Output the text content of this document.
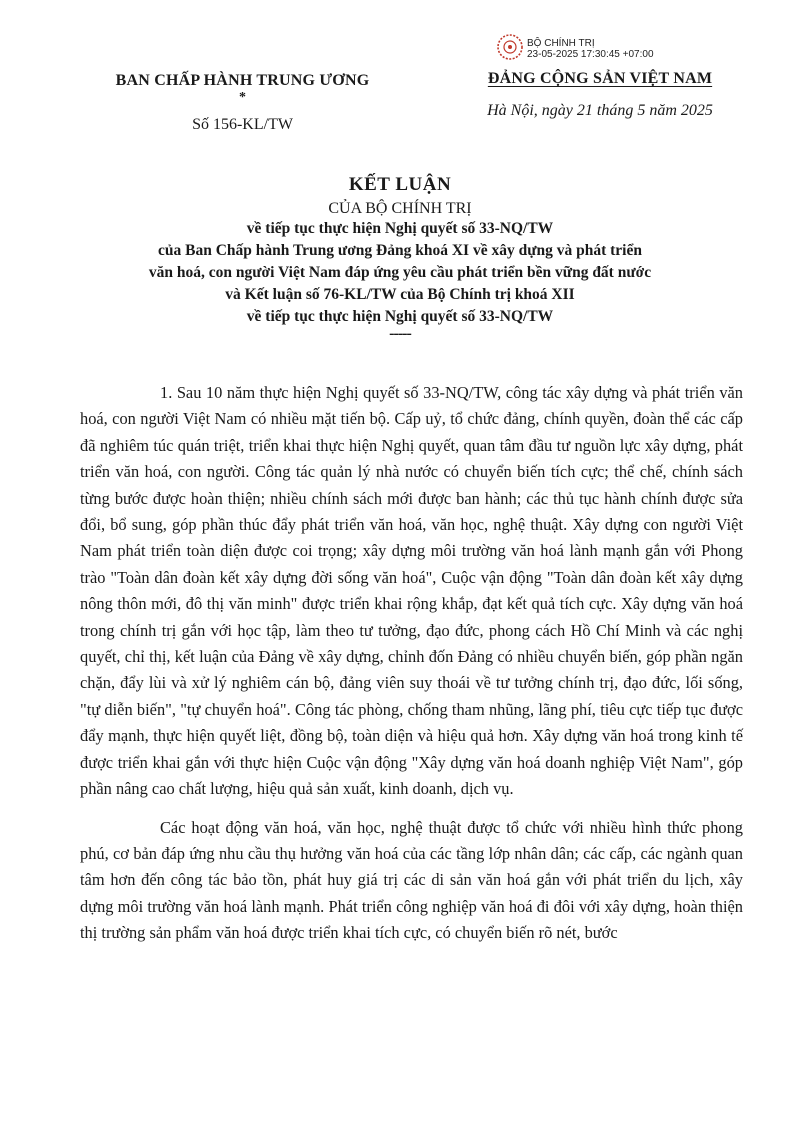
BAN CHẤP HÀNH TRUNG ƯƠNG
*
Số 156-KL/TW
BỘ CHÍNH TRỊ
23-05-2025 17:30:45 +07:00
ĐẢNG CỘNG SẢN VIỆT NAM
Hà Nội, ngày 21 tháng 5 năm 2025
KẾT LUẬN
CỦA BỘ CHÍNH TRỊ
về tiếp tục thực hiện Nghị quyết số 33-NQ/TW
của Ban Chấp hành Trung ương Đảng khoá XI về xây dựng và phát triển
văn hoá, con người Việt Nam đáp ứng yêu cầu phát triển bền vững đất nước
và Kết luận số 76-KL/TW của Bộ Chính trị khoá XII
về tiếp tục thực hiện Nghị quyết số 33-NQ/TW
-----

1. Sau 10 năm thực hiện Nghị quyết số 33-NQ/TW, công tác xây dựng và phát triển văn hoá, con người Việt Nam có nhiều mặt tiến bộ. Cấp uỷ, tổ chức đảng, chính quyền, đoàn thể các cấp đã nghiêm túc quán triệt, triển khai thực hiện Nghị quyết, quan tâm đầu tư nguồn lực xây dựng, phát triển văn hoá, con người. Công tác quản lý nhà nước có chuyển biến tích cực; thể chế, chính sách từng bước được hoàn thiện; nhiều chính sách mới được ban hành; các thủ tục hành chính được sửa đổi, bổ sung, góp phần thúc đẩy phát triển văn hoá, văn học, nghệ thuật. Xây dựng con người Việt Nam phát triển toàn diện được coi trọng; xây dựng môi trường văn hoá lành mạnh gắn với Phong trào "Toàn dân đoàn kết xây dựng đời sống văn hoá", Cuộc vận động "Toàn dân đoàn kết xây dựng nông thôn mới, đô thị văn minh" được triển khai rộng khắp, đạt kết quả tích cực. Xây dựng văn hoá trong chính trị gắn với học tập, làm theo tư tưởng, đạo đức, phong cách Hồ Chí Minh và các nghị quyết, chỉ thị, kết luận của Đảng về xây dựng, chỉnh đốn Đảng có nhiều chuyển biến, góp phần ngăn chặn, đẩy lùi và xử lý nghiêm cán bộ, đảng viên suy thoái về tư tưởng chính trị, đạo đức, lối sống, "tự diễn biến", "tự chuyển hoá". Công tác phòng, chống tham nhũng, lãng phí, tiêu cực tiếp tục được đẩy mạnh, thực hiện quyết liệt, đồng bộ, toàn diện và hiệu quả hơn. Xây dựng văn hoá trong kinh tế được triển khai gắn với thực hiện Cuộc vận động "Xây dựng văn hoá doanh nghiệp Việt Nam", góp phần nâng cao chất lượng, hiệu quả sản xuất, kinh doanh, dịch vụ.

Các hoạt động văn hoá, văn học, nghệ thuật được tổ chức với nhiều hình thức phong phú, cơ bản đáp ứng nhu cầu thụ hưởng văn hoá của các tầng lớp nhân dân; các cấp, các ngành quan tâm hơn đến công tác bảo tồn, phát huy giá trị các di sản văn hoá gắn với phát triển du lịch, xây dựng môi trường văn hoá lành mạnh. Phát triển công nghiệp văn hoá đi đôi với xây dựng, hoàn thiện thị trường sản phẩm văn hoá được triển khai tích cực, có chuyển biến rõ nét, bước
